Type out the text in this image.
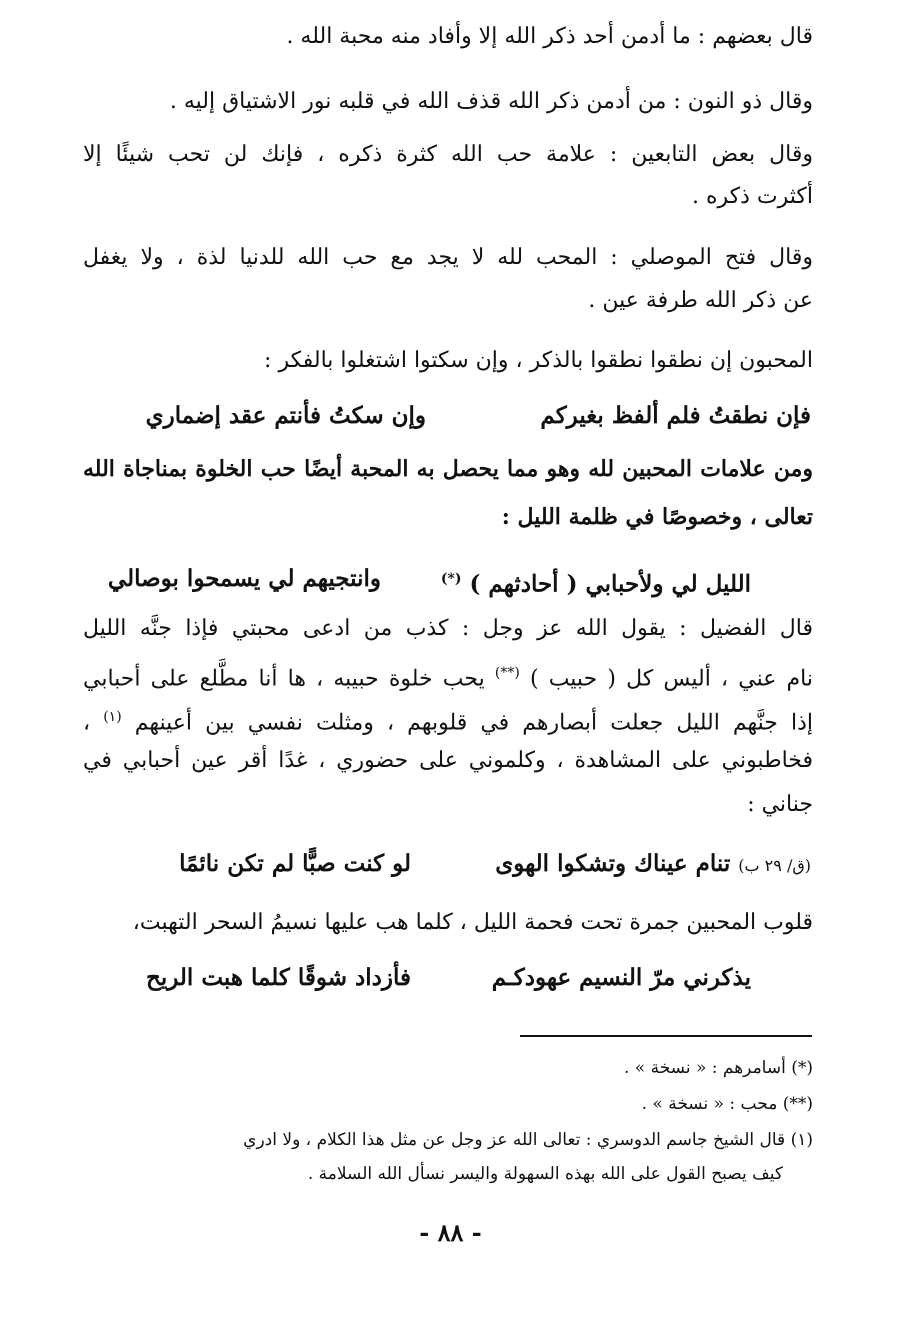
قال بعضهم : ما أدمن أحد ذكر الله إلا وأفاد منه محبة الله .
وقال ذو النون : من أدمن ذكر الله قذف الله في قلبه نور الاشتياق إليه .
وقال بعض التابعين : علامة حب الله كثرة ذكره ، فإنك لن تحب شيئًا إلا
أكثرت ذكره .
وقال فتح الموصلي : المحب لله لا يجد مع حب الله للدنيا لذة ، ولا يغفل
عن ذكر الله طرفة عين .
المحبون إن نطقوا نطقوا بالذكر ، وإن سكتوا اشتغلوا بالفكر :
فإن نطقتُ فلم ألفظ بغيركم
وإن سكتُ فأنتم عقد إضماري
ومن علامات المحبين لله وهو مما يحصل به المحبة أيضًا حب الخلوة بمناجاة الله
تعالى ، وخصوصًا في ظلمة الليل :
الليل لي ولأحبابي ( أحادثهم ) (*)
وانتجيهم لي يسمحوا بوصالي
قال الفضيل : يقول الله عز وجل : كذب من ادعى محبتي فإذا جنَّه الليل
نام عني ، أليس كل ( حبيب ) (**) يحب خلوة حبيبه ، ها أنا مطَّلع على أحبابي
إذا جنَّهم الليل جعلت أبصارهم في قلوبهم ، ومثلت نفسي بين أعينهم $^{(١)}$ ،
فخاطبوني على المشاهدة ، وكلموني على حضوري ، غدًا أقر عين أحبابي في
جناني :
(ق/ ٢٩ ب) تنام عيناك وتشكوا الهوى
لو كنت صبًّا لم تكن نائمًا
قلوب المحبين جمرة تحت فحمة الليل ، كلما هب عليها نسيمُ السحر التهبت،
يذكرني مرّ النسيم عهودكـم
فأزداد شوقًا كلما هبت الريح
(*) أسامرهم : « نسخة » .
(**) محب : « نسخة » .
(١) قال الشيخ جاسم الدوسري : تعالى الله عز وجل عن مثل هذا الكلام ، ولا ادري
كيف يصبح القول على الله بهذه السهولة واليسر نسأل الله السلامة .
- ٨٨ -
